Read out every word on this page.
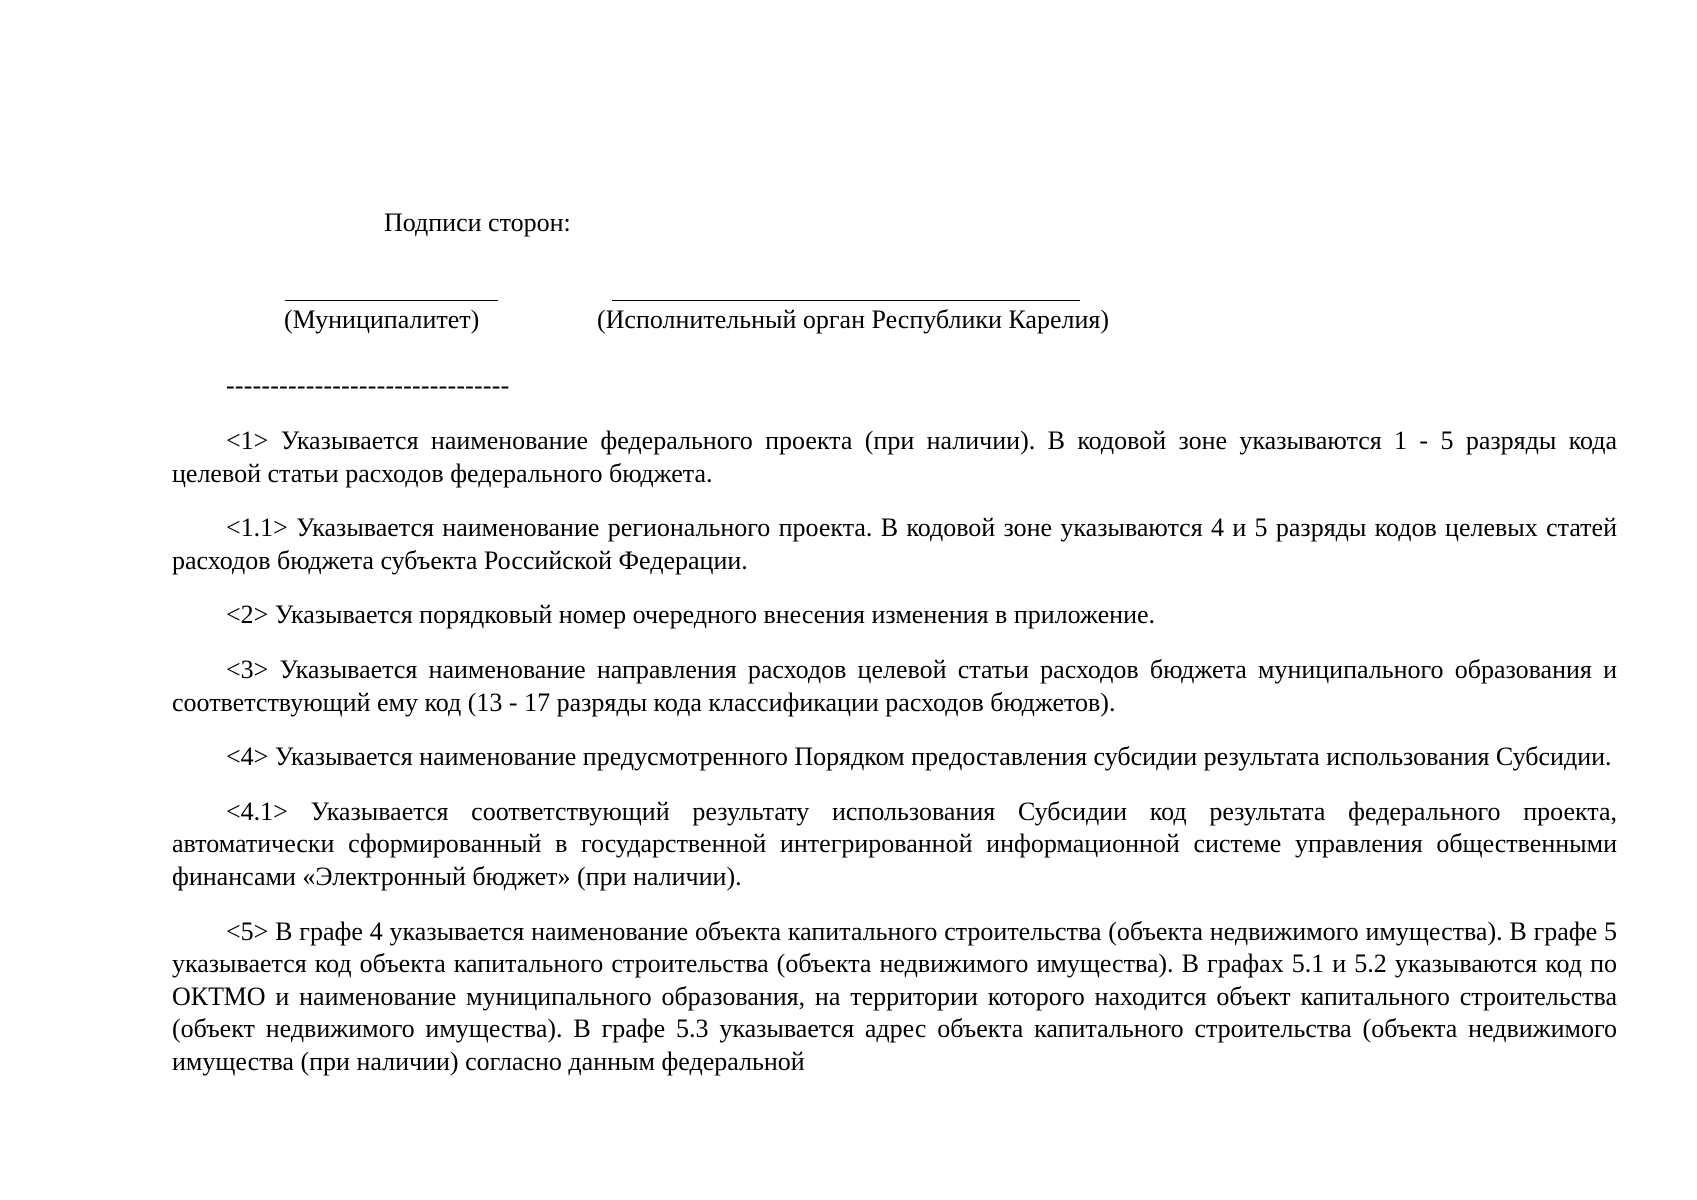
Подписи сторон:
(Муниципалитет)	(Исполнительный орган Республики Карелия)
--------------------------------

<1> Указывается наименование федерального проекта (при наличии). В кодовой зоне указываются 1 - 5 разряды кода целевой статьи расходов федерального бюджета.

<1.1> Указывается наименование регионального проекта. В кодовой зоне указываются 4 и 5 разряды кодов целевых статей расходов бюджета субъекта Российской Федерации.

<2> Указывается порядковый номер очередного внесения изменения в приложение.

<3> Указывается наименование направления расходов целевой статьи расходов бюджета муниципального образования и соответствующий ему код (13 - 17 разряды кода классификации расходов бюджетов).

<4> Указывается наименование предусмотренного Порядком предоставления субсидии результата использования Субсидии.

<4.1> Указывается соответствующий результату использования Субсидии код результата федерального проекта, автоматически сформированный в государственной интегрированной информационной системе управления общественными финансами «Электронный бюджет» (при наличии).

<5> В графе 4 указывается наименование объекта капитального строительства (объекта недвижимого имущества). В графе 5 указывается код объекта капитального строительства (объекта недвижимого имущества). В графах 5.1 и 5.2 указываются код по ОКТМО и наименование муниципального образования, на территории которого находится объект капитального строительства (объект недвижимого имущества). В графе 5.3 указывается адрес объекта капитального строительства (объекта недвижимого имущества (при наличии) согласно данным федеральной
